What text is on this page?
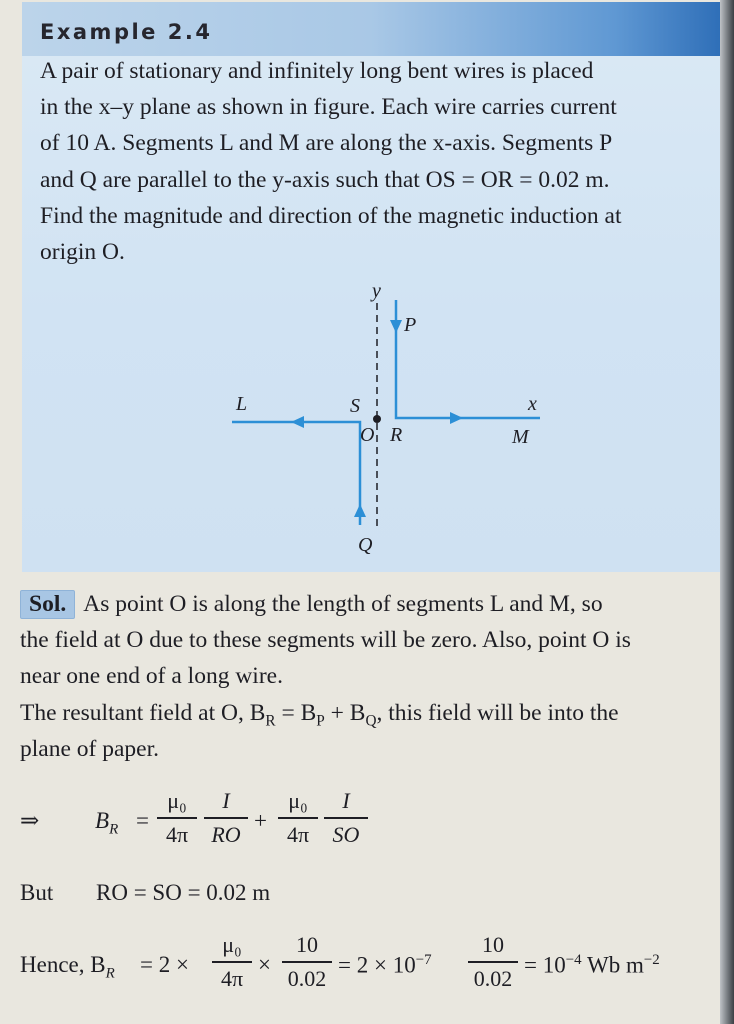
Example 2.4

A pair of stationary and infinitely long bent wires is placed

in the x–y plane as shown in figure. Each wire carries current

of 10 A. Segments L and M are along the x-axis. Segments P

and Q are parallel to the y-axis such that OS = OR = 0.02 m.

Find the magnitude and direction of the magnetic induction at

origin O.

y
P
L	S	x
O R	M
Q

Sol. As point O is along the length of segments L and M, so

the field at O due to these segments will be zero. Also, point O is

near one end of a long wire.

The resultant field at O, $B_R = B_P + B_Q$, this field will be into the

plane of paper.

⇒ $B_R$ =
μ₀
4π
I
RO
+
μ₀
4π
I
SO
But RO = SO = 0.02 m
Hence, $B_R = 2$ ×
μ₀
4π
×
10
0.02
= $2 \times 10^{-7}$
10
0.02
= $10^{-4}$ Wb $m^{-2}$
